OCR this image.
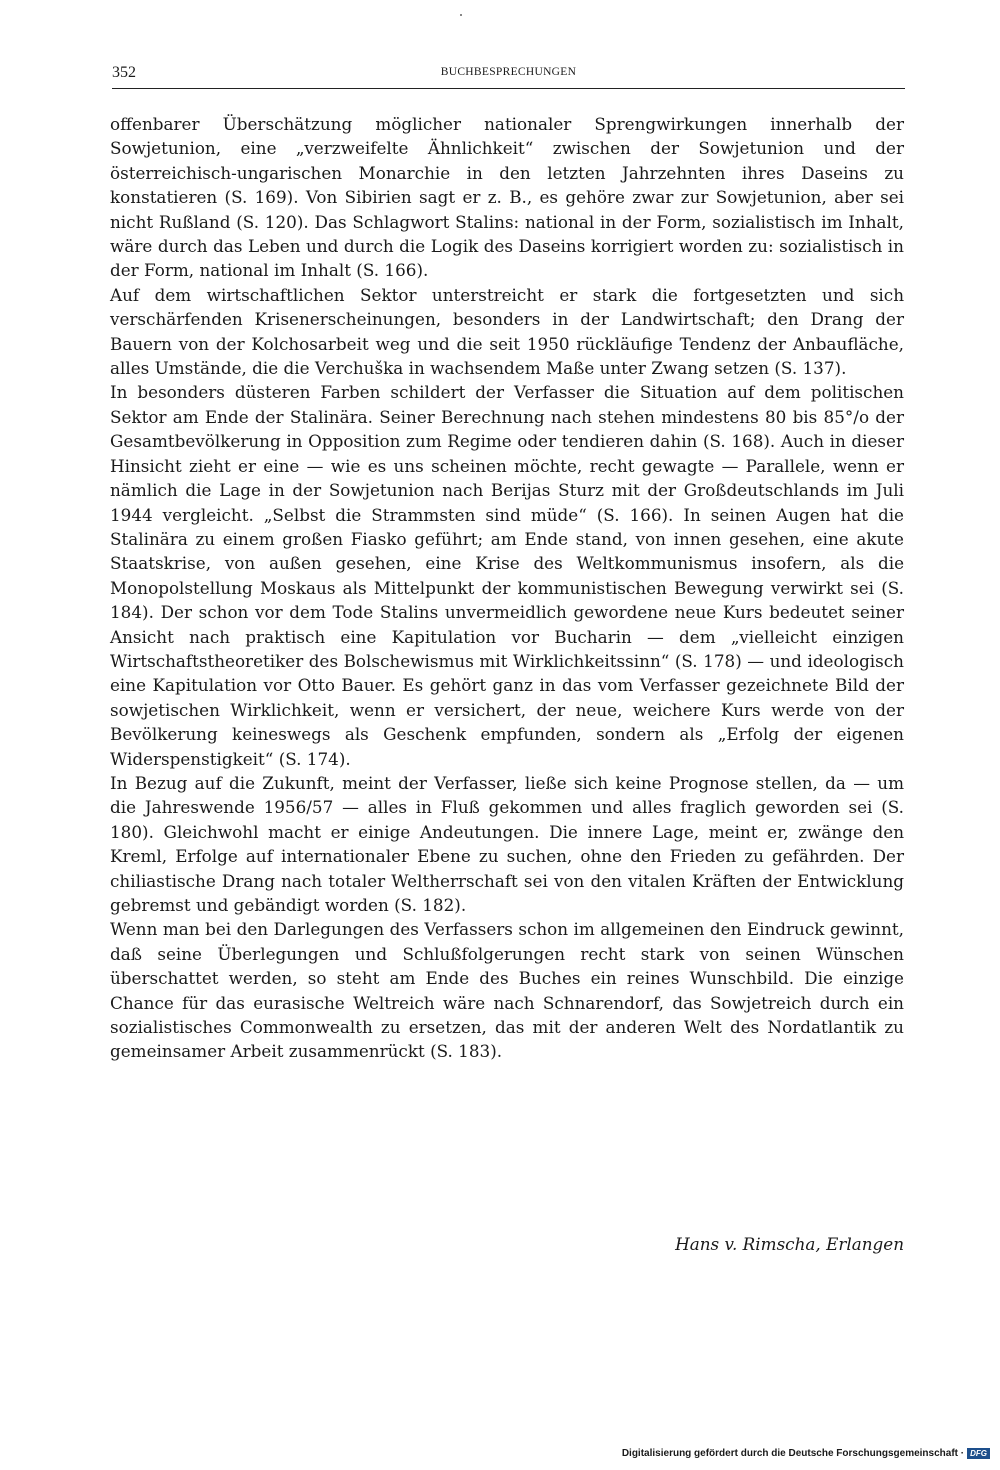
352	BUCHBESPRECHUNGEN

offenbarer Überschätzung möglicher nationaler Sprengwirkungen innerhalb der Sowjetunion, eine „verzweifelte Ähnlichkeit“ zwischen der Sowjetunion und der österreichisch-ungarischen Monarchie in den letzten Jahrzehnten ihres Daseins zu konstatieren (S. 169). Von Sibirien sagt er z. B., es gehöre zwar zur Sowjetunion, aber sei nicht Rußland (S. 120). Das Schlagwort Stalins: national in der Form, sozialistisch im Inhalt, wäre durch das Leben und durch die Logik des Daseins korrigiert worden zu: sozialistisch in der Form, national im Inhalt (S. 166).

Auf dem wirtschaftlichen Sektor unterstreicht er stark die fortgesetzten und sich verschärfenden Krisenerscheinungen, besonders in der Landwirtschaft; den Drang der Bauern von der Kolchosarbeit weg und die seit 1950 rückläufige Tendenz der Anbaufläche, alles Umstände, die die Verchuška in wachsendem Maße unter Zwang setzen (S. 137).

In besonders düsteren Farben schildert der Verfasser die Situation auf dem politischen Sektor am Ende der Stalinära. Seiner Berechnung nach stehen mindestens 80 bis 85°/o der Gesamtbevölkerung in Opposition zum Regime oder tendieren dahin (S. 168). Auch in dieser Hinsicht zieht er eine — wie es uns scheinen möchte, recht gewagte — Parallele, wenn er nämlich die Lage in der Sowjetunion nach Berijas Sturz mit der Großdeutschlands im Juli 1944 vergleicht. „Selbst die Strammsten sind müde“ (S. 166). In seinen Augen hat die Stalinära zu einem großen Fiasko geführt; am Ende stand, von innen gesehen, eine akute Staatskrise, von außen gesehen, eine Krise des Weltkommunismus insofern, als die Monopolstellung Moskaus als Mittelpunkt der kommunistischen Bewegung verwirkt sei (S. 184). Der schon vor dem Tode Stalins unvermeidlich gewordene neue Kurs bedeutet seiner Ansicht nach praktisch eine Kapitulation vor Bucharin — dem „vielleicht einzigen Wirtschaftstheoretiker des Bolschewismus mit Wirklichkeitssinn“ (S. 178) — und ideologisch eine Kapitulation vor Otto Bauer. Es gehört ganz in das vom Verfasser gezeichnete Bild der sowjetischen Wirklichkeit, wenn er versichert, der neue, weichere Kurs werde von der Bevölkerung keineswegs als Geschenk empfunden, sondern als „Erfolg der eigenen Widerspenstigkeit“ (S. 174).

In Bezug auf die Zukunft, meint der Verfasser, ließe sich keine Prognose stellen, da — um die Jahreswende 1956/57 — alles in Fluß gekommen und alles fraglich geworden sei (S. 180). Gleichwohl macht er einige Andeutungen. Die innere Lage, meint er, zwänge den Kreml, Erfolge auf internationaler Ebene zu suchen, ohne den Frieden zu gefährden. Der chiliastische Drang nach totaler Weltherrschaft sei von den vitalen Kräften der Entwicklung gebremst und gebändigt worden (S. 182).

Wenn man bei den Darlegungen des Verfassers schon im allgemeinen den Eindruck gewinnt, daß seine Überlegungen und Schlußfolgerungen recht stark von seinen Wünschen überschattet werden, so steht am Ende des Buches ein reines Wunschbild. Die einzige Chance für das eurasische Weltreich wäre nach Schnarendorf, das Sowjetreich durch ein sozialistisches Commonwealth zu ersetzen, das mit der anderen Welt des Nordatlantik zu gemeinsamer Arbeit zusammenrückt (S. 183).

Hans v. Rimscha, Erlangen
Digitalisierung gefördert durch die Deutsche Forschungsgemeinschaft · DFG
